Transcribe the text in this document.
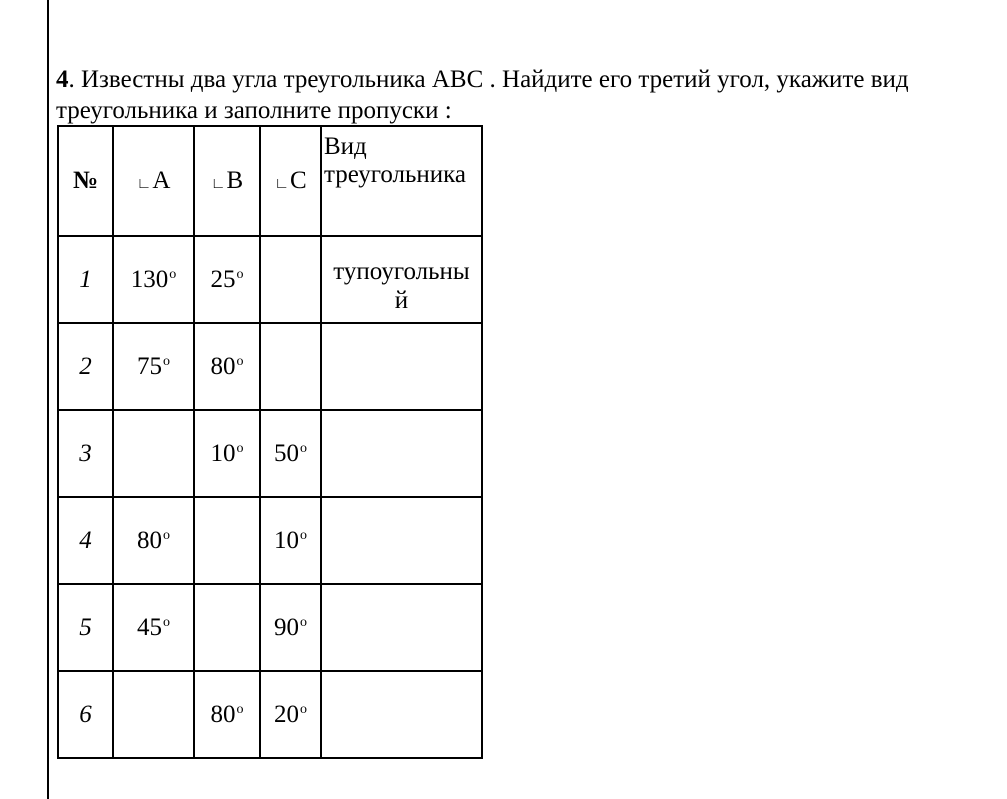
4. Известны два угла треугольника ABC . Найдите его третий угол, укажите вид треугольника и заполните пропуски :
№	∟A	∟B	∟C	Вид
треугольника
1	$130^о$	$25^о$		тупоугольны
й
2	$75^о$	$80^о$		
3		$10^о$	$50^о$	
4	$80^о$		$10^о$	
5	$45^о$		$90^о$	
6		$80^о$	$20^о$	
